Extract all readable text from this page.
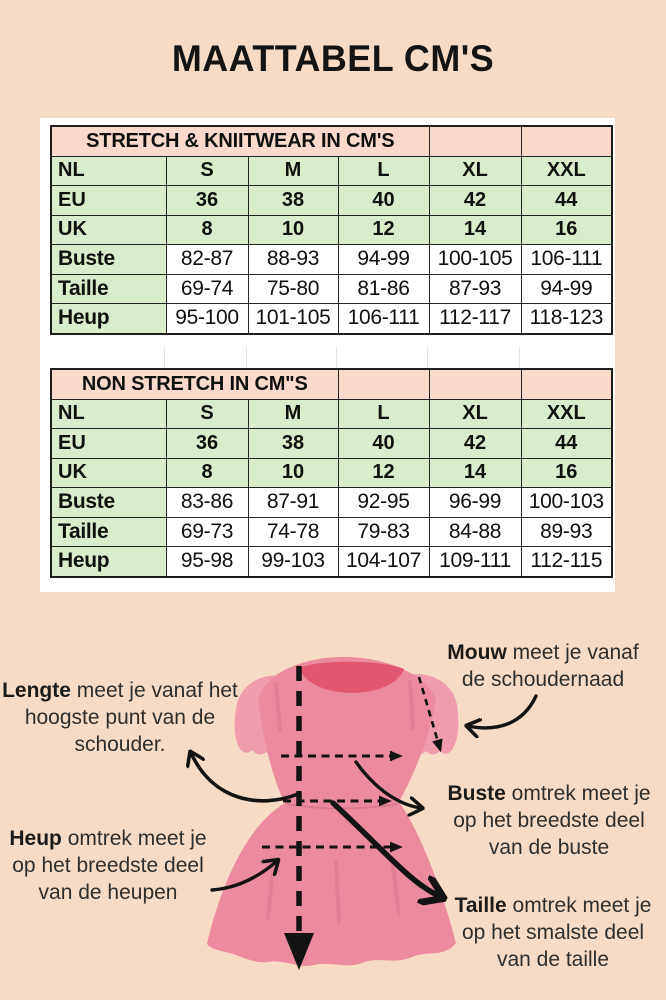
MAATTABEL CM'S
STRETCH & KNIITWEAR IN CM'S					
NL	S	M	L	XL	XXL
EU	36	38	40	42	44
UK	8	10	12	14	16
Buste	82-87	88-93	94-99	100-105	106-111
Taille	69-74	75-80	81-86	87-93	94-99
Heup	95-100	101-105	106-111	112-117	118-123
NON STRETCH IN CM"S					
NL	S	M	L	XL	XXL
EU	36	38	40	42	44
UK	8	10	12	14	16
Buste	83-86	87-91	92-95	96-99	100-103
Taille	69-73	74-78	79-83	84-88	89-93
Heup	95-98	99-103	104-107	109-111	112-115
Lengte meet je vanaf het hoogste punt van de schouder.
Mouw meet je vanaf de schoudernaad
Buste omtrek meet je op het breedste deel van de buste
Heup omtrek meet je op het breedste deel van de heupen
Taille omtrek meet je op het smalste deel van de taille
